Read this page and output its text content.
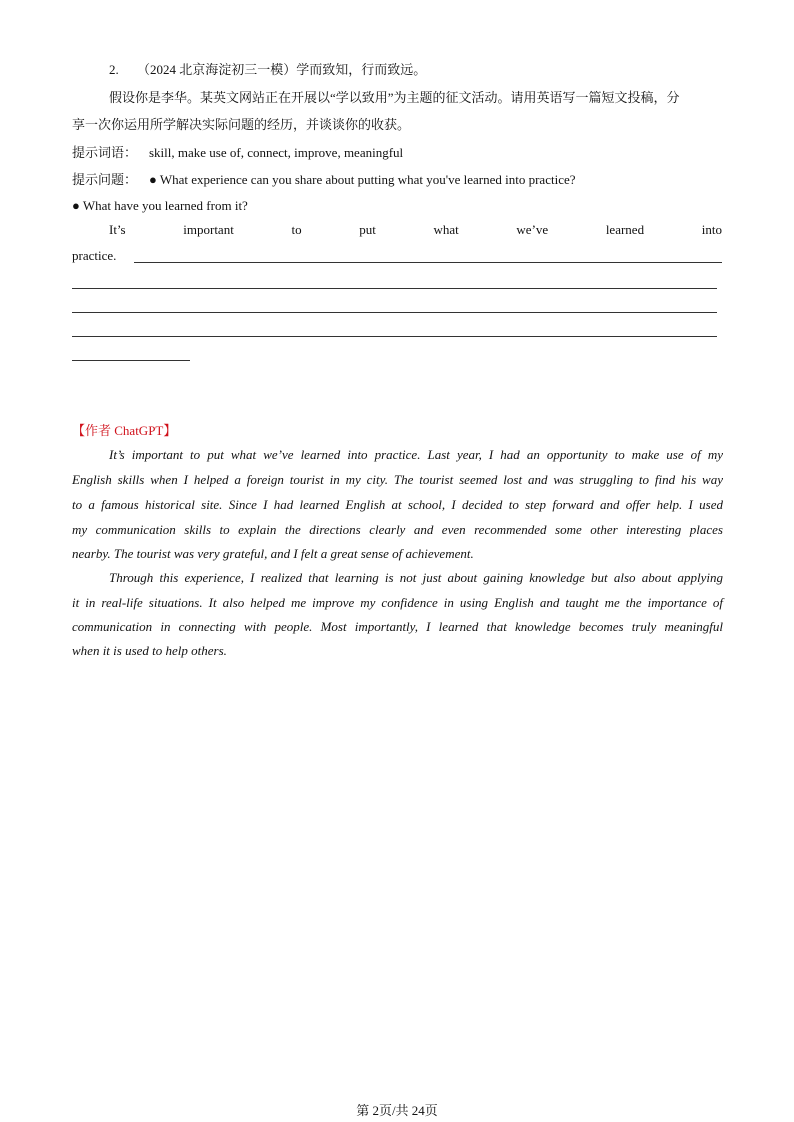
2. （2024 北京海淀初三一模）学而致知，行而致远。
假设你是李华。某英文网站正在开展以“学以致用”为主题的征文活动。请用英语写一篇短文投稿，分
享一次你运用所学解决实际问题的经历，并谈谈你的收获。
提示词语： skill, make use of, connect, improve, meaningful
提示问题： ● What experience can you share about putting what you've learned into practice?
● What have you learned from it?
It’s	important	to	put	what	we’ve	learned	into
practice.
【作者 ChatGPT】
It’s important to put what we’ve learned into practice. Last year, I had an opportunity to make use of my
English skills when I helped a foreign tourist in my city. The tourist seemed lost and was struggling to find his way
to a famous historical site. Since I had learned English at school, I decided to step forward and offer help. I used
my communication skills to explain the directions clearly and even recommended some other interesting places
nearby. The tourist was very grateful, and I felt a great sense of achievement.
Through this experience, I realized that learning is not just about gaining knowledge but also about applying
it in real-life situations. It also helped me improve my confidence in using English and taught me the importance of
communication in connecting with people. Most importantly, I learned that knowledge becomes truly meaningful
when it is used to help others.
第 2页/共 24页
